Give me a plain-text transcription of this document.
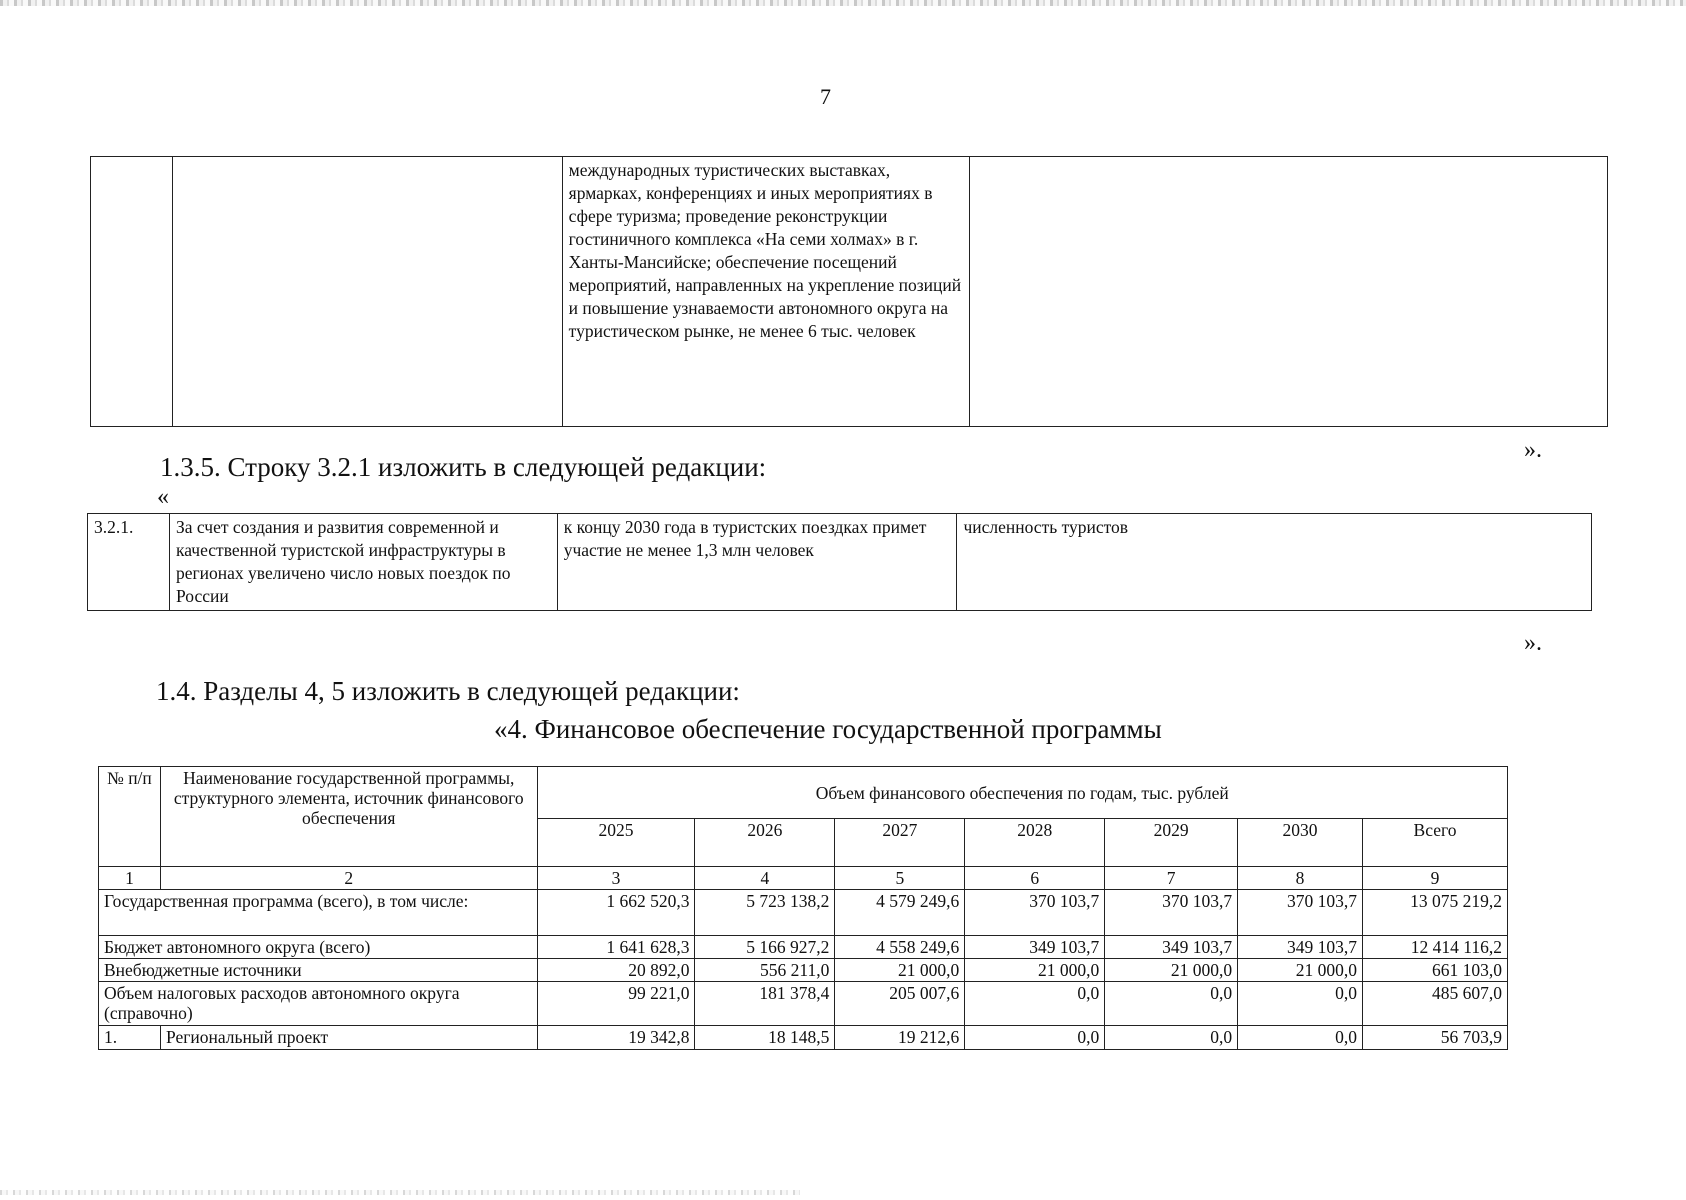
7
		международных туристических выставках, ярмарках, конференциях и иных мероприятиях в сфере туризма; проведение реконструкции гостиничного комплекса «На семи холмах» в г. Ханты-Мансийске; обеспечение посещений мероприятий, направленных на укрепление позиций и повышение узнаваемости автономного округа на туристическом рынке, не менее 6 тыс. человек	
».
1.3.5. Строку 3.2.1 изложить в следующей редакции:
«
3.2.1.	За счет создания и развития современной и качественной туристской инфраструктуры в регионах увеличено число новых поездок по России	к концу 2030 года в туристских поездках примет участие не менее 1,3 млн человек	численность туристов
».
1.4. Разделы 4, 5 изложить в следующей редакции:
«4. Финансовое обеспечение государственной программы
№ п/п	Наименование государственной программы, структурного элемента, источник финансового обеспечения	Объем финансового обеспечения по годам, тыс. рублей						
		2025	2026	2027	2028	2029	2030	Всего
1	2	3	4	5	6	7	8	9
Государственная программа (всего), в том числе:		1 662 520,3	5 723 138,2	4 579 249,6	370 103,7	370 103,7	370 103,7	13 075 219,2
Бюджет автономного округа (всего)		1 641 628,3	5 166 927,2	4 558 249,6	349 103,7	349 103,7	349 103,7	12 414 116,2
Внебюджетные источники		20 892,0	556 211,0	21 000,0	21 000,0	21 000,0	21 000,0	661 103,0
Объем налоговых расходов автономного округа (справочно)		99 221,0	181 378,4	205 007,6	0,0	0,0	0,0	485 607,0
1.	Региональный проект	19 342,8	18 148,5	19 212,6	0,0	0,0	0,0	56 703,9
